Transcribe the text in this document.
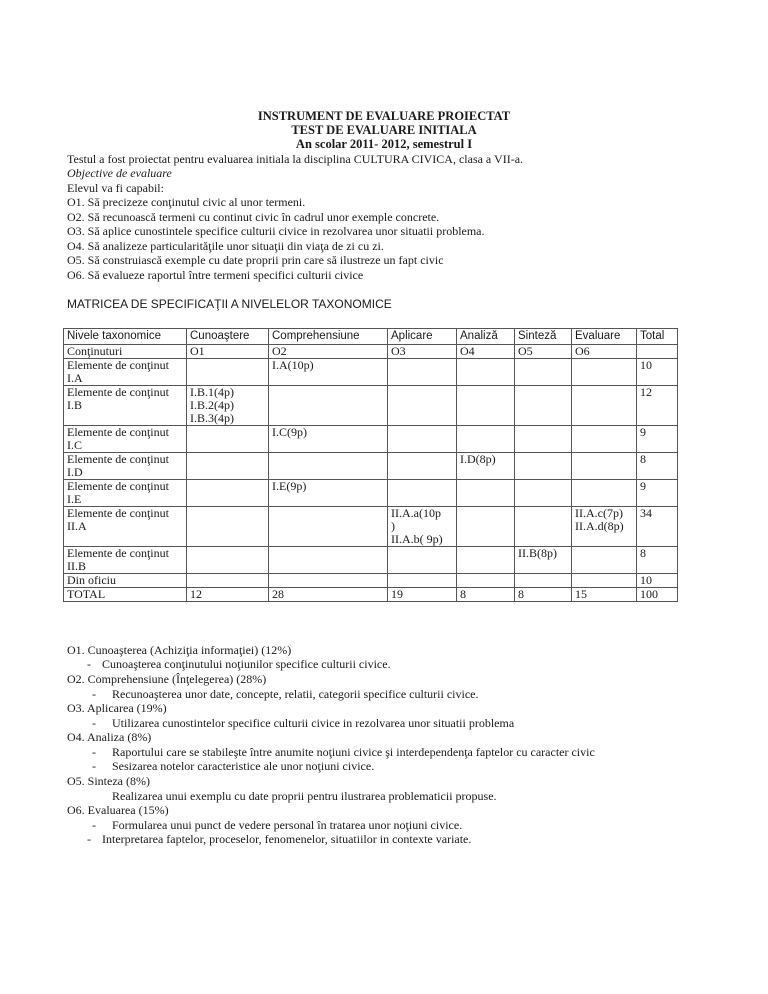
INSTRUMENT DE EVALUARE PROIECTAT
TEST DE EVALUARE INITIALA
An scolar 2011- 2012, semestrul I
Testul a fost proiectat pentru evaluarea initiala la disciplina CULTURA CIVICA, clasa a VII-a.
Objective de evaluare
Elevul va fi capabil:
O1. Să precizeze conţinutul civic al unor termeni.
O2. Să recunoască termeni cu continut civic în cadrul unor exemple concrete.
O3. Să aplice cunostintele specifice culturii civice in rezolvarea unor situatii problema.
O4. Să analizeze particularităţile unor situaţii din viaţa de zi cu zi.
O5. Să construiască exemple cu date proprii prin care să ilustreze un fapt civic
O6. Să evalueze raportul între termeni specifici culturii civice
MATRICEA DE SPECIFICAŢII A NIVELELOR TAXONOMICE
Nivele taxonomice	Cunoaştere	Comprehensiune	Aplicare	Analiză	Sinteză	Evaluare	Total
Conţinuturi	O1	O2	O3	O4	O5	O6	
Elemente de conţinut
I.A		I.A(10p)					10
Elemente de conţinut
I.B	I.B.1(4p)
I.B.2(4p)
I.B.3(4p)						12
Elemente de conţinut
I.C		I.C(9p)					9
Elemente de conţinut
I.D				I.D(8p)			8
Elemente de conţinut
I.E		I.E(9p)					9
Elemente de conţinut
II.A			II.A.a(10p
)
II.A.b( 9p)			II.A.c(7p)
II.A.d(8p)	34
Elemente de conţinut
II.B					II.B(8p)		8
Din oficiu							10
TOTAL	12	28	19	8	8	15	100
O1. Cunoaşterea (Achiziţia informaţiei) (12%)
- Cunoaşterea conţinutului noţiunilor specifice culturii civice.
O2. Comprehensiune (Înţelegerea) (28%)
- Recunoaşterea unor date, concepte, relatii, categorii specifice culturii civice.
O3. Aplicarea (19%)
- Utilizarea cunostintelor specifice culturii civice in rezolvarea unor situatii problema
O4. Analiza (8%)
- Raportului care se stabileşte între anumite noţiuni civice şi interdependenţa faptelor cu caracter civic
- Sesizarea notelor caracteristice ale unor noţiuni civice.
O5. Sinteza (8%)
Realizarea unui exemplu cu date proprii pentru ilustrarea problematicii propuse.
O6. Evaluarea (15%)
- Formularea unui punct de vedere personal în tratarea unor noţiuni civice.
- Interpretarea faptelor, proceselor, fenomenelor, situatiilor in contexte variate.
